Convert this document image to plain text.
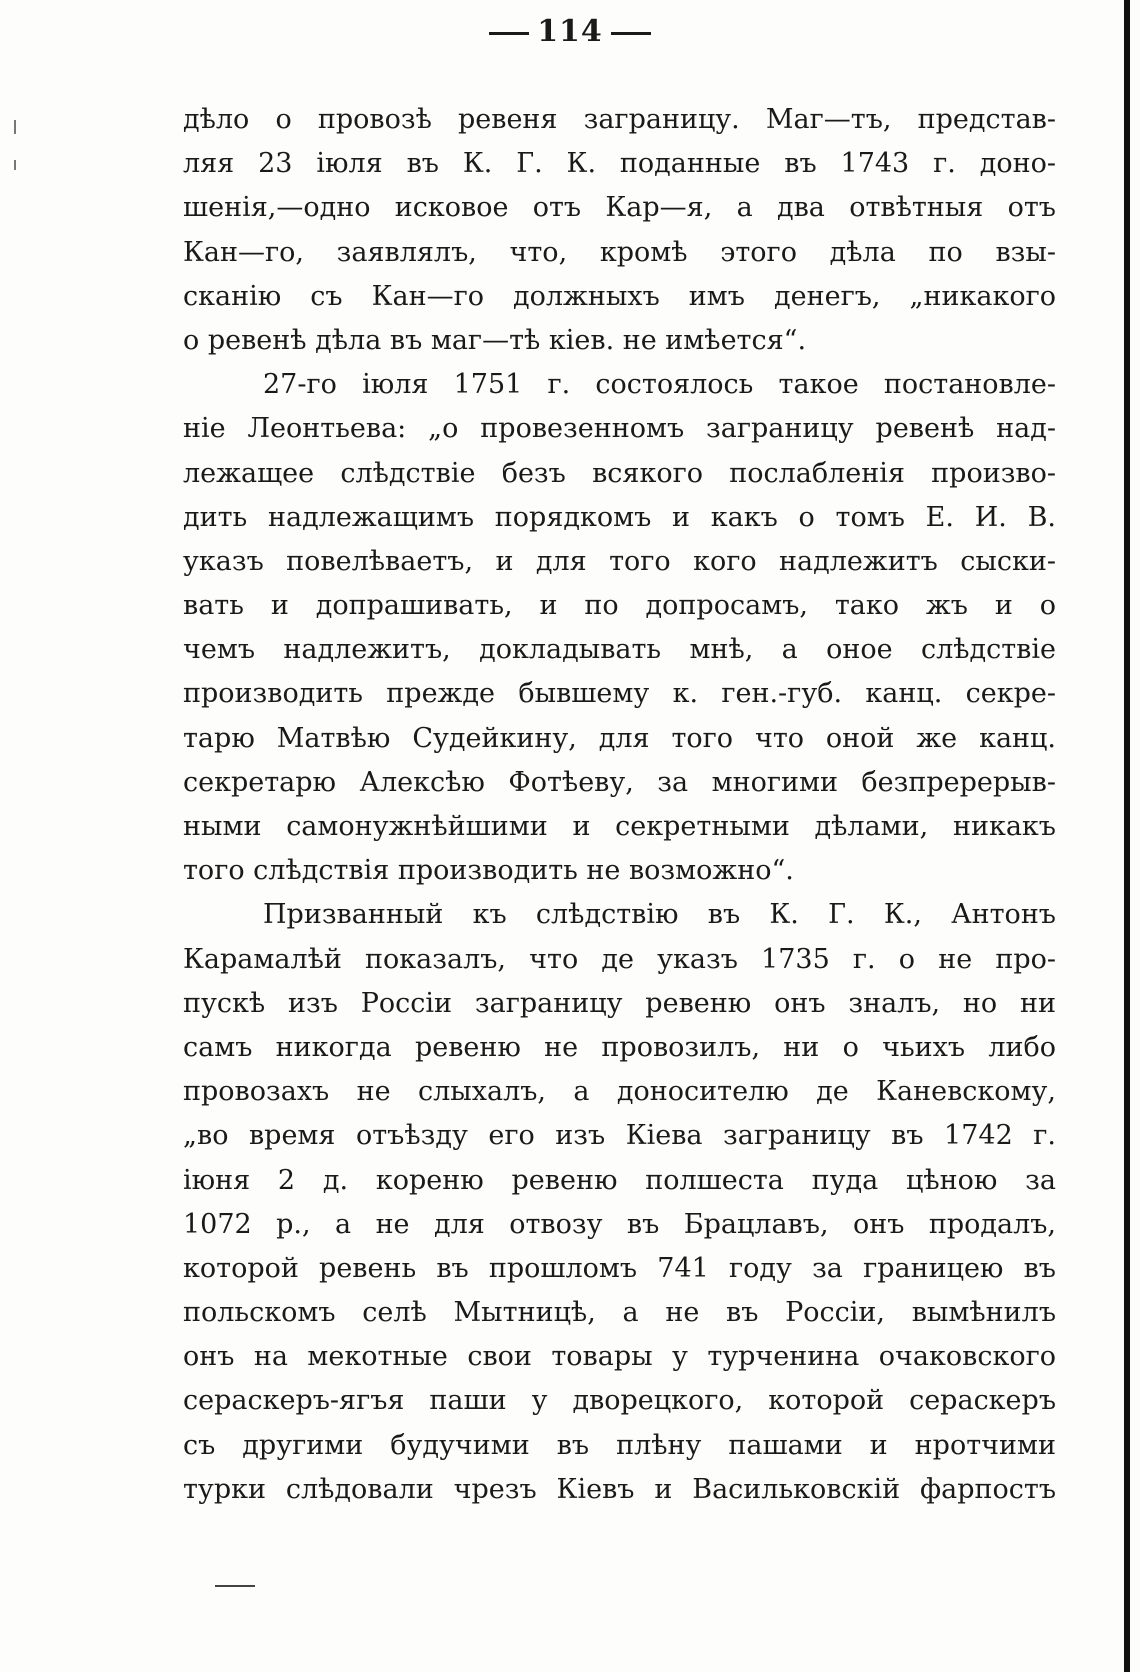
114
дѣло о провозѣ ревеня заграницу. Маг—тъ, представ-
ляя 23 іюля въ К. Г. К. поданные въ 1743 г. доно-
шенія,—одно исковое отъ Кар—я, а два отвѣтныя отъ
Кан—го, заявлялъ, что, кромѣ этого дѣла по взы-
сканію съ Кан—го должныхъ имъ денегъ, „никакого
о ревенѣ дѣла въ маг—тѣ кіев. не имѣется“.
27-го іюля 1751 г. состоялось такое постановле-
ніе Леонтьева: „о провезенномъ заграницу ревенѣ над-
лежащее слѣдствіе безъ всякого послабленія произво-
дить надлежащимъ порядкомъ и какъ о томъ Е. И. В.
указъ повелѣваетъ, и для того кого надлежитъ сыски-
вать и допрашивать, и по допросамъ, тако жъ и о
чемъ надлежитъ, докладывать мнѣ, а оное слѣдствіе
производить прежде бывшему к. ген.-губ. канц. секре-
тарю Матвѣю Судейкину, для того что оной же канц.
секретарю Алексѣю Фотѣеву, за многими безпререрыв-
ными самонужнѣйшими и секретными дѣлами, никакъ
того слѣдствія производить не возможно“.
Призванный къ слѣдствію въ К. Г. К., Антонъ
Карамалѣй показалъ, что де указъ 1735 г. о не про-
пускѣ изъ Россіи заграницу ревеню онъ зналъ, но ни
самъ никогда ревеню не провозилъ, ни о чьихъ либо
провозахъ не слыхалъ, а доносителю де Каневскому,
„во время отъѣзду его изъ Кіева заграницу въ 1742 г.
іюня 2 д. кореню ревеню полшеста пуда цѣною за
1072 р., а не для отвозу въ Брацлавъ, онъ продалъ,
которой ревень въ прошломъ 741 году за границею въ
польскомъ селѣ Мытницѣ, а не въ Россіи, вымѣнилъ
онъ на мекотные свои товары у турченина очаковского
сераскеръ-ягъя паши у дворецкого, которой сераскеръ
съ другими будучими въ плѣну пашами и нротчими
турки слѣдовали чрезъ Кіевъ и Васильковскій фарпостъ
